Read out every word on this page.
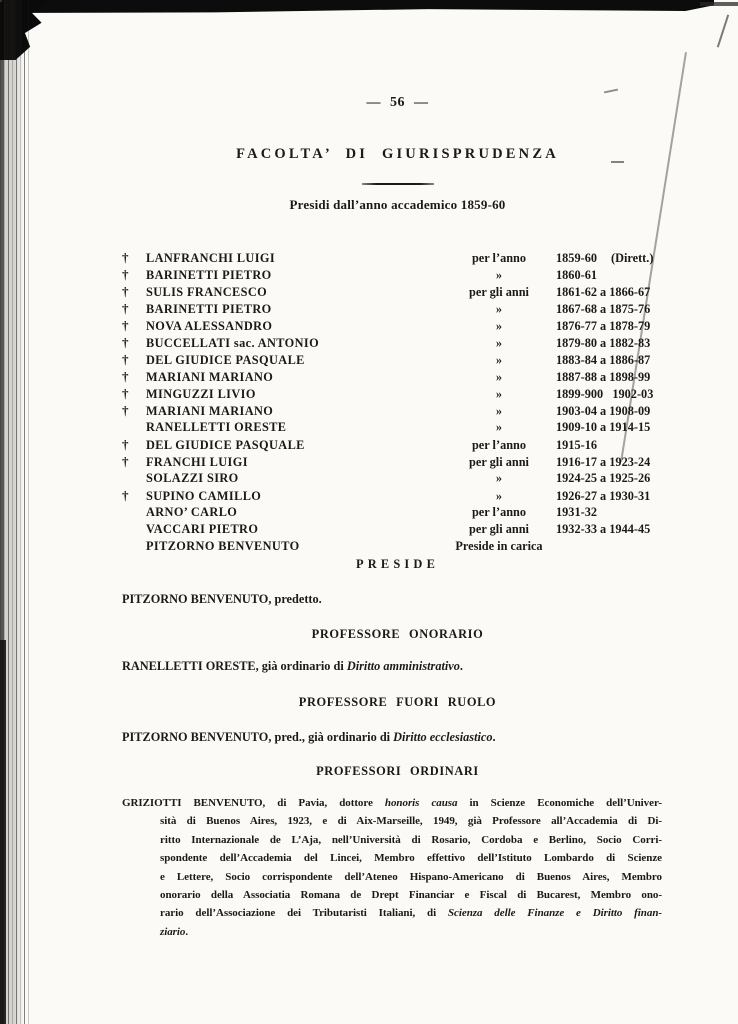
— 56 —
FACOLTA’ DI GIURISPRUDENZA
Presidi dall’anno accademico 1859-60
†	LANFRANCHI LUIGI	per l’anno	1859-60 (Dirett.)
†	BARINETTI PIETRO	»	1860-61
†	SULIS FRANCESCO	per gli anni	1861-62 a 1866-67
†	BARINETTI PIETRO	»	1867-68 a 1875-76
†	NOVA ALESSANDRO	»	1876-77 a 1878-79
†	BUCCELLATI sac. ANTONIO	»	1879-80 a 1882-83
†	DEL GIUDICE PASQUALE	»	1883-84 a 1886-87
†	MARIANI MARIANO	»	1887-88 a 1898-99
†	MINGUZZI LIVIO	»	1899-900   1902-03
†	MARIANI MARIANO	»	1903-04 a 1908-09
RANELLETTI ORESTE	»	1909-10 a 1914-15
†	DEL GIUDICE PASQUALE	per l’anno	1915-16
†	FRANCHI LUIGI	per gli anni	1916-17 a 1923-24
SOLAZZI SIRO	»	1924-25 a 1925-26
†	SUPINO CAMILLO	»	1926-27 a 1930-31
ARNO’ CARLO	per l’anno	1931-32
VACCARI PIETRO	per gli anni	1932-33 a 1944-45
PITZORNO BENVENUTO	Preside in carica
PRESIDE
PITZORNO BENVENUTO, predetto.
PROFESSORE ONORARIO
RANELLETTI ORESTE, già ordinario di Diritto amministrativo.
PROFESSORE FUORI RUOLO
PITZORNO BENVENUTO, pred., già ordinario di Diritto ecclesiastico.
PROFESSORI ORDINARI
GRIZIOTTI BENVENUTO, di Pavia, dottore honoris causa in Scienze Economiche dell’Univer-
sità di Buenos Aires, 1923, e di Aix-Marseille, 1949, già Professore all’Accademia di Di-
ritto Internazionale de L’Aja, nell’Università di Rosario, Cordoba e Berlino, Socio Corri-
spondente dell’Accademia del Lincei, Membro effettivo dell’Istituto Lombardo di Scienze
e Lettere, Socio corrispondente dell’Ateneo Hispano-Americano di Buenos Aires, Membro
onorario della Associatia Romana de Drept Financiar e Fiscal di Bucarest, Membro ono-
rario dell’Associazione dei Tributaristi Italiani, di Scienza delle Finanze e Diritto finan-
ziario.
